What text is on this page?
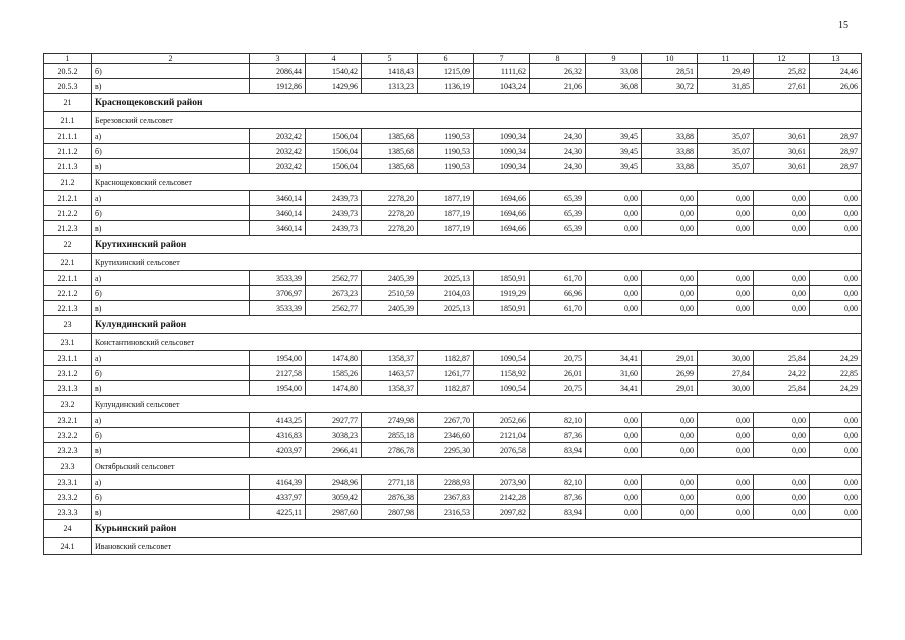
15
1	2	3	4	5	6	7	8	9	10	11	12	13
20.5.2	б)	2086,44	1540,42	1418,43	1215,09	1111,62	26,32	33,08	28,51	29,49	25,82	24,46
20.5.3	в)	1912,86	1429,96	1313,23	1136,19	1043,24	21,06	36,08	30,72	31,85	27,61	26,06
21	Краснощековский район											
21.1	Березовский сельсовет											
21.1.1	а)	2032,42	1506,04	1385,68	1190,53	1090,34	24,30	39,45	33,88	35,07	30,61	28,97
21.1.2	б)	2032,42	1506,04	1385,68	1190,53	1090,34	24,30	39,45	33,88	35,07	30,61	28,97
21.1.3	в)	2032,42	1506,04	1385,68	1190,53	1090,34	24,30	39,45	33,88	35,07	30,61	28,97
21.2	Краснощековский сельсовет											
21.2.1	а)	3460,14	2439,73	2278,20	1877,19	1694,66	65,39	0,00	0,00	0,00	0,00	0,00
21.2.2	б)	3460,14	2439,73	2278,20	1877,19	1694,66	65,39	0,00	0,00	0,00	0,00	0,00
21.2.3	в)	3460,14	2439,73	2278,20	1877,19	1694,66	65,39	0,00	0,00	0,00	0,00	0,00
22	Крутихинский район											
22.1	Крутихинский сельсовет											
22.1.1	а)	3533,39	2562,77	2405,39	2025,13	1850,91	61,70	0,00	0,00	0,00	0,00	0,00
22.1.2	б)	3706,97	2673,23	2510,59	2104,03	1919,29	66,96	0,00	0,00	0,00	0,00	0,00
22.1.3	в)	3533,39	2562,77	2405,39	2025,13	1850,91	61,70	0,00	0,00	0,00	0,00	0,00
23	Кулундинский район											
23.1	Константиновский сельсовет											
23.1.1	а)	1954,00	1474,80	1358,37	1182,87	1090,54	20,75	34,41	29,01	30,00	25,84	24,29
23.1.2	б)	2127,58	1585,26	1463,57	1261,77	1158,92	26,01	31,60	26,99	27,84	24,22	22,85
23.1.3	в)	1954,00	1474,80	1358,37	1182,87	1090,54	20,75	34,41	29,01	30,00	25,84	24,29
23.2	Кулундинский сельсовет											
23.2.1	а)	4143,25	2927,77	2749,98	2267,70	2052,66	82,10	0,00	0,00	0,00	0,00	0,00
23.2.2	б)	4316,83	3038,23	2855,18	2346,60	2121,04	87,36	0,00	0,00	0,00	0,00	0,00
23.2.3	в)	4203,97	2966,41	2786,78	2295,30	2076,58	83,94	0,00	0,00	0,00	0,00	0,00
23.3	Октябрьский сельсовет											
23.3.1	а)	4164,39	2948,96	2771,18	2288,93	2073,90	82,10	0,00	0,00	0,00	0,00	0,00
23.3.2	б)	4337,97	3059,42	2876,38	2367,83	2142,28	87,36	0,00	0,00	0,00	0,00	0,00
23.3.3	в)	4225,11	2987,60	2807,98	2316,53	2097,82	83,94	0,00	0,00	0,00	0,00	0,00
24	Курьинский район											
24.1	Ивановский сельсовет											
